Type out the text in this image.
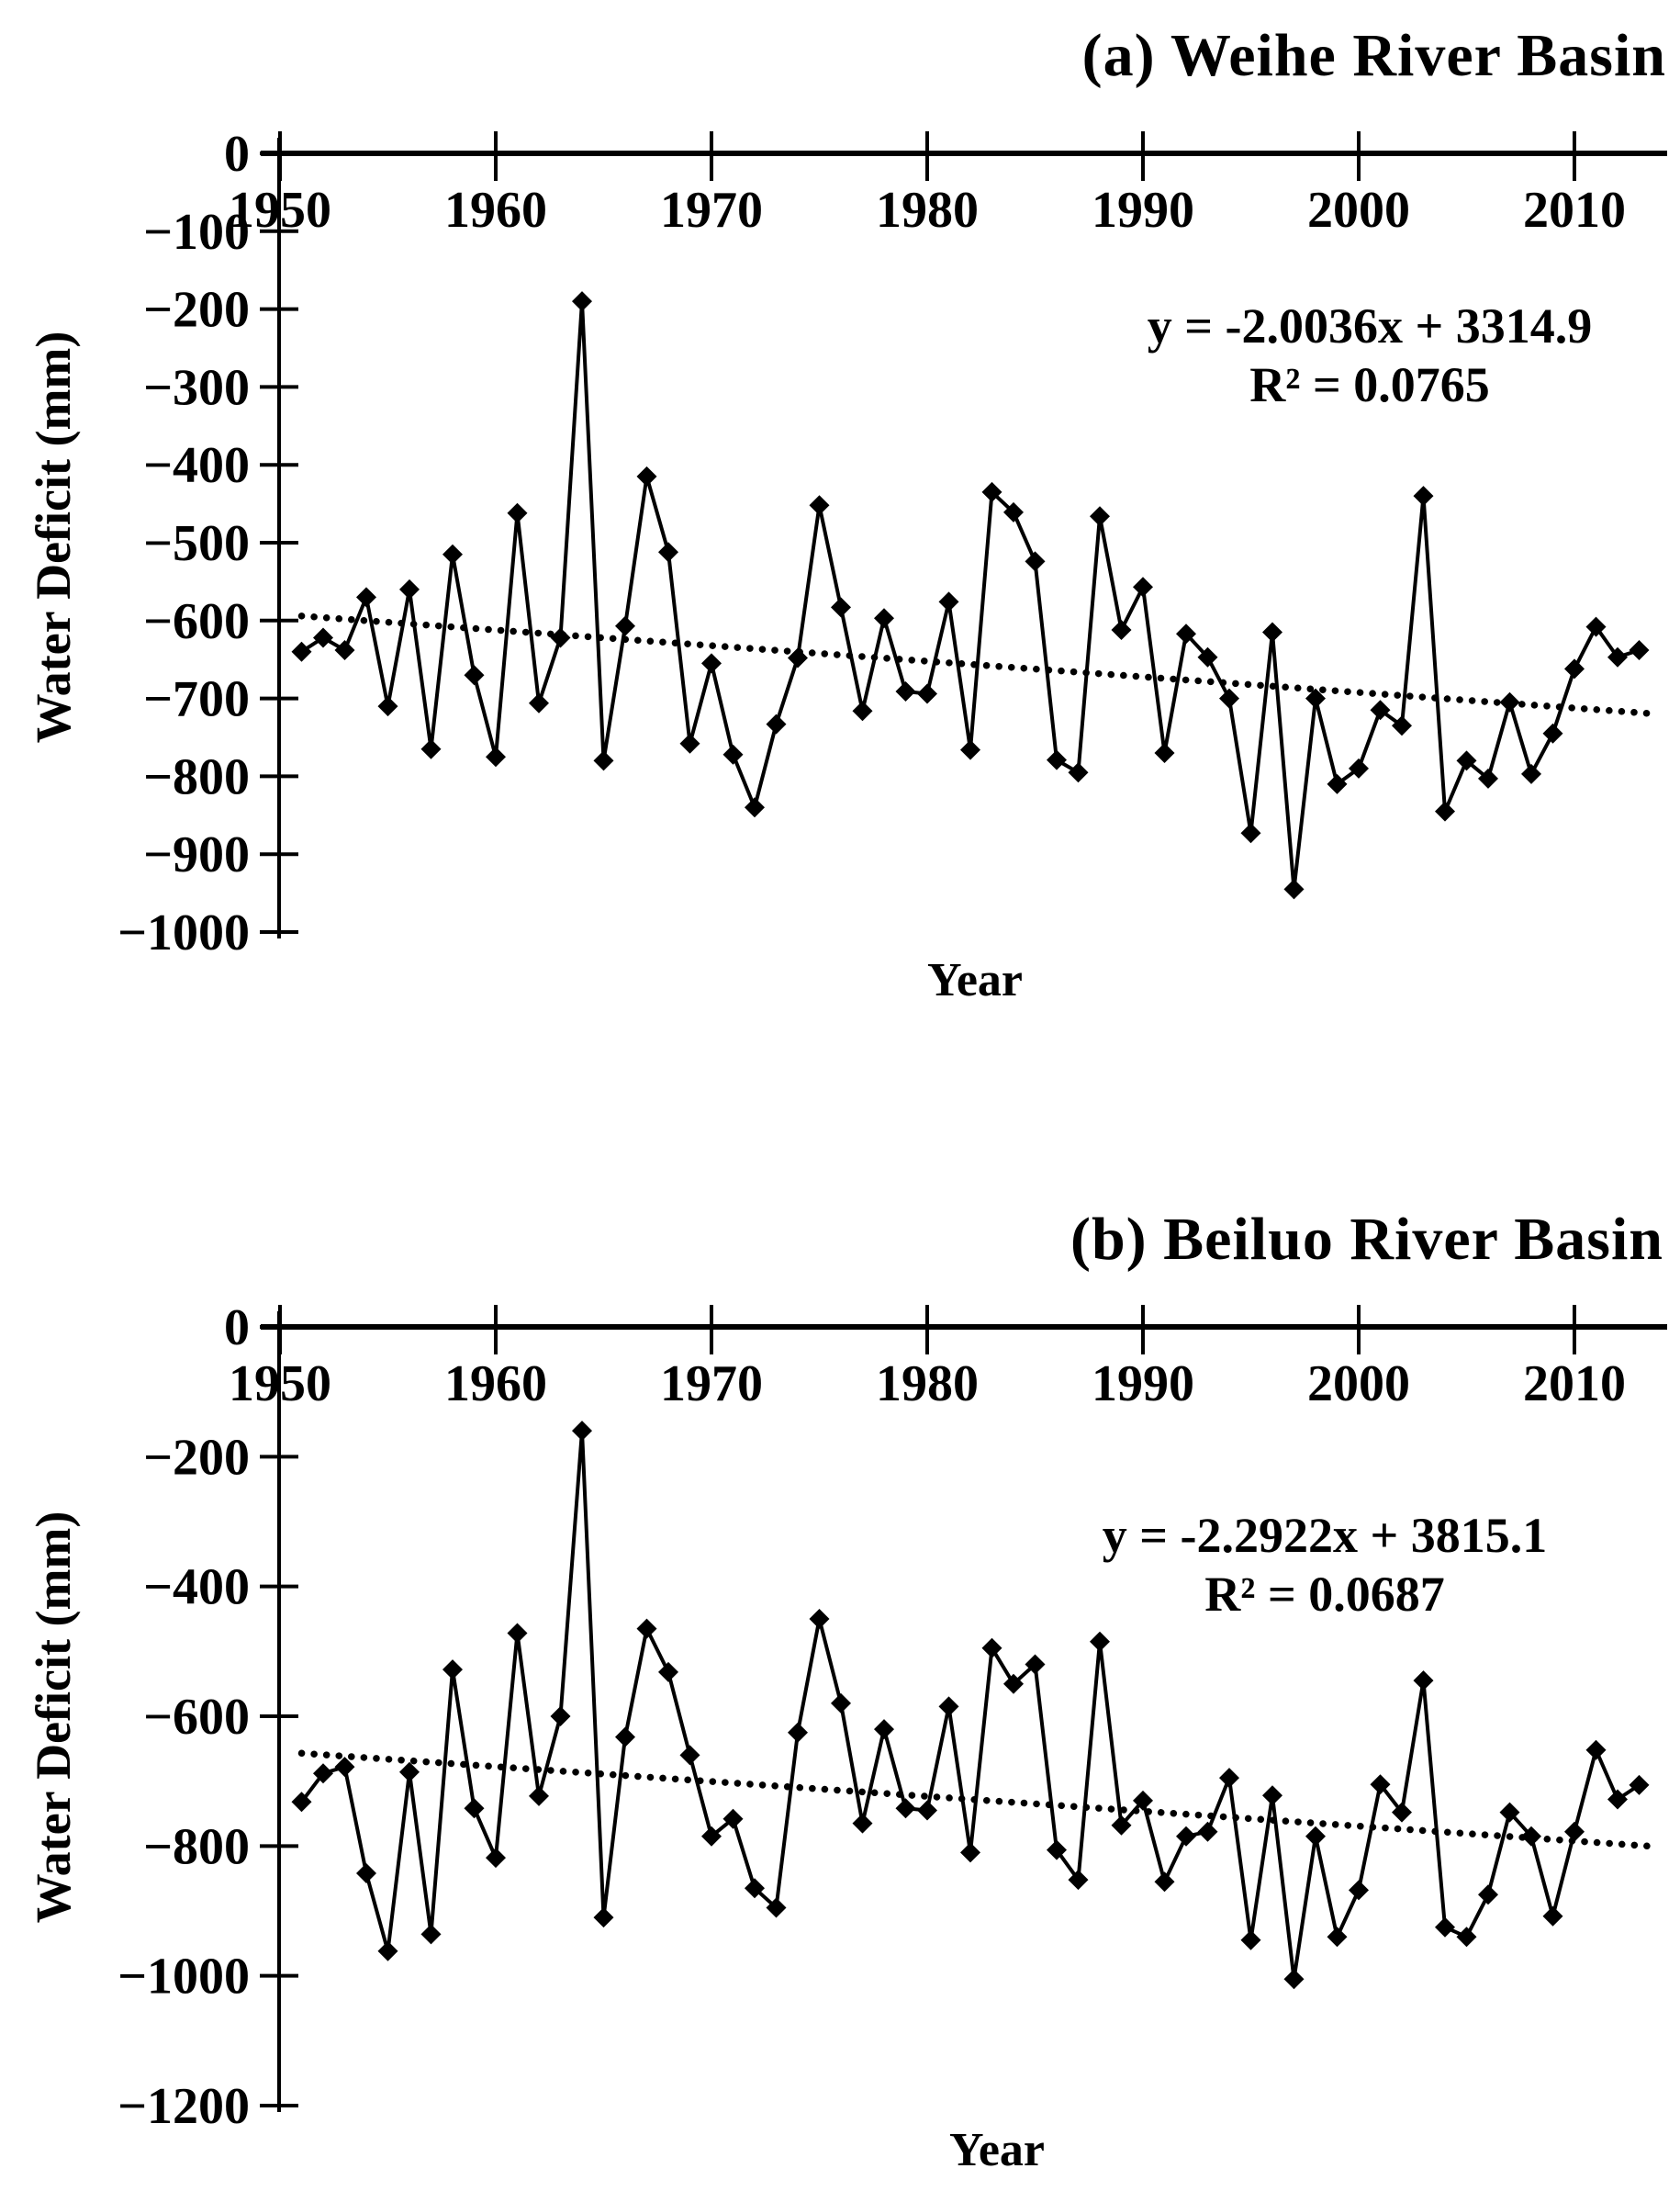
1950 1960 1970 1980 1990 2000 2010
0
−100
−200
−300
−400
−500
−600
−700
−800
−900
−1000
1950 1960 1970 1980 1990 2000 2010
0
−200
−400
−600
−800
−1000
−1200
(a) Weihe River Basin
y = -2.0036x + 3314.9
R² = 0.0765
Water Deficit (mm)
Year
(b) Beiluo River Basin
y = -2.2922x + 3815.1
R² = 0.0687
Water Deficit (mm)
Year
